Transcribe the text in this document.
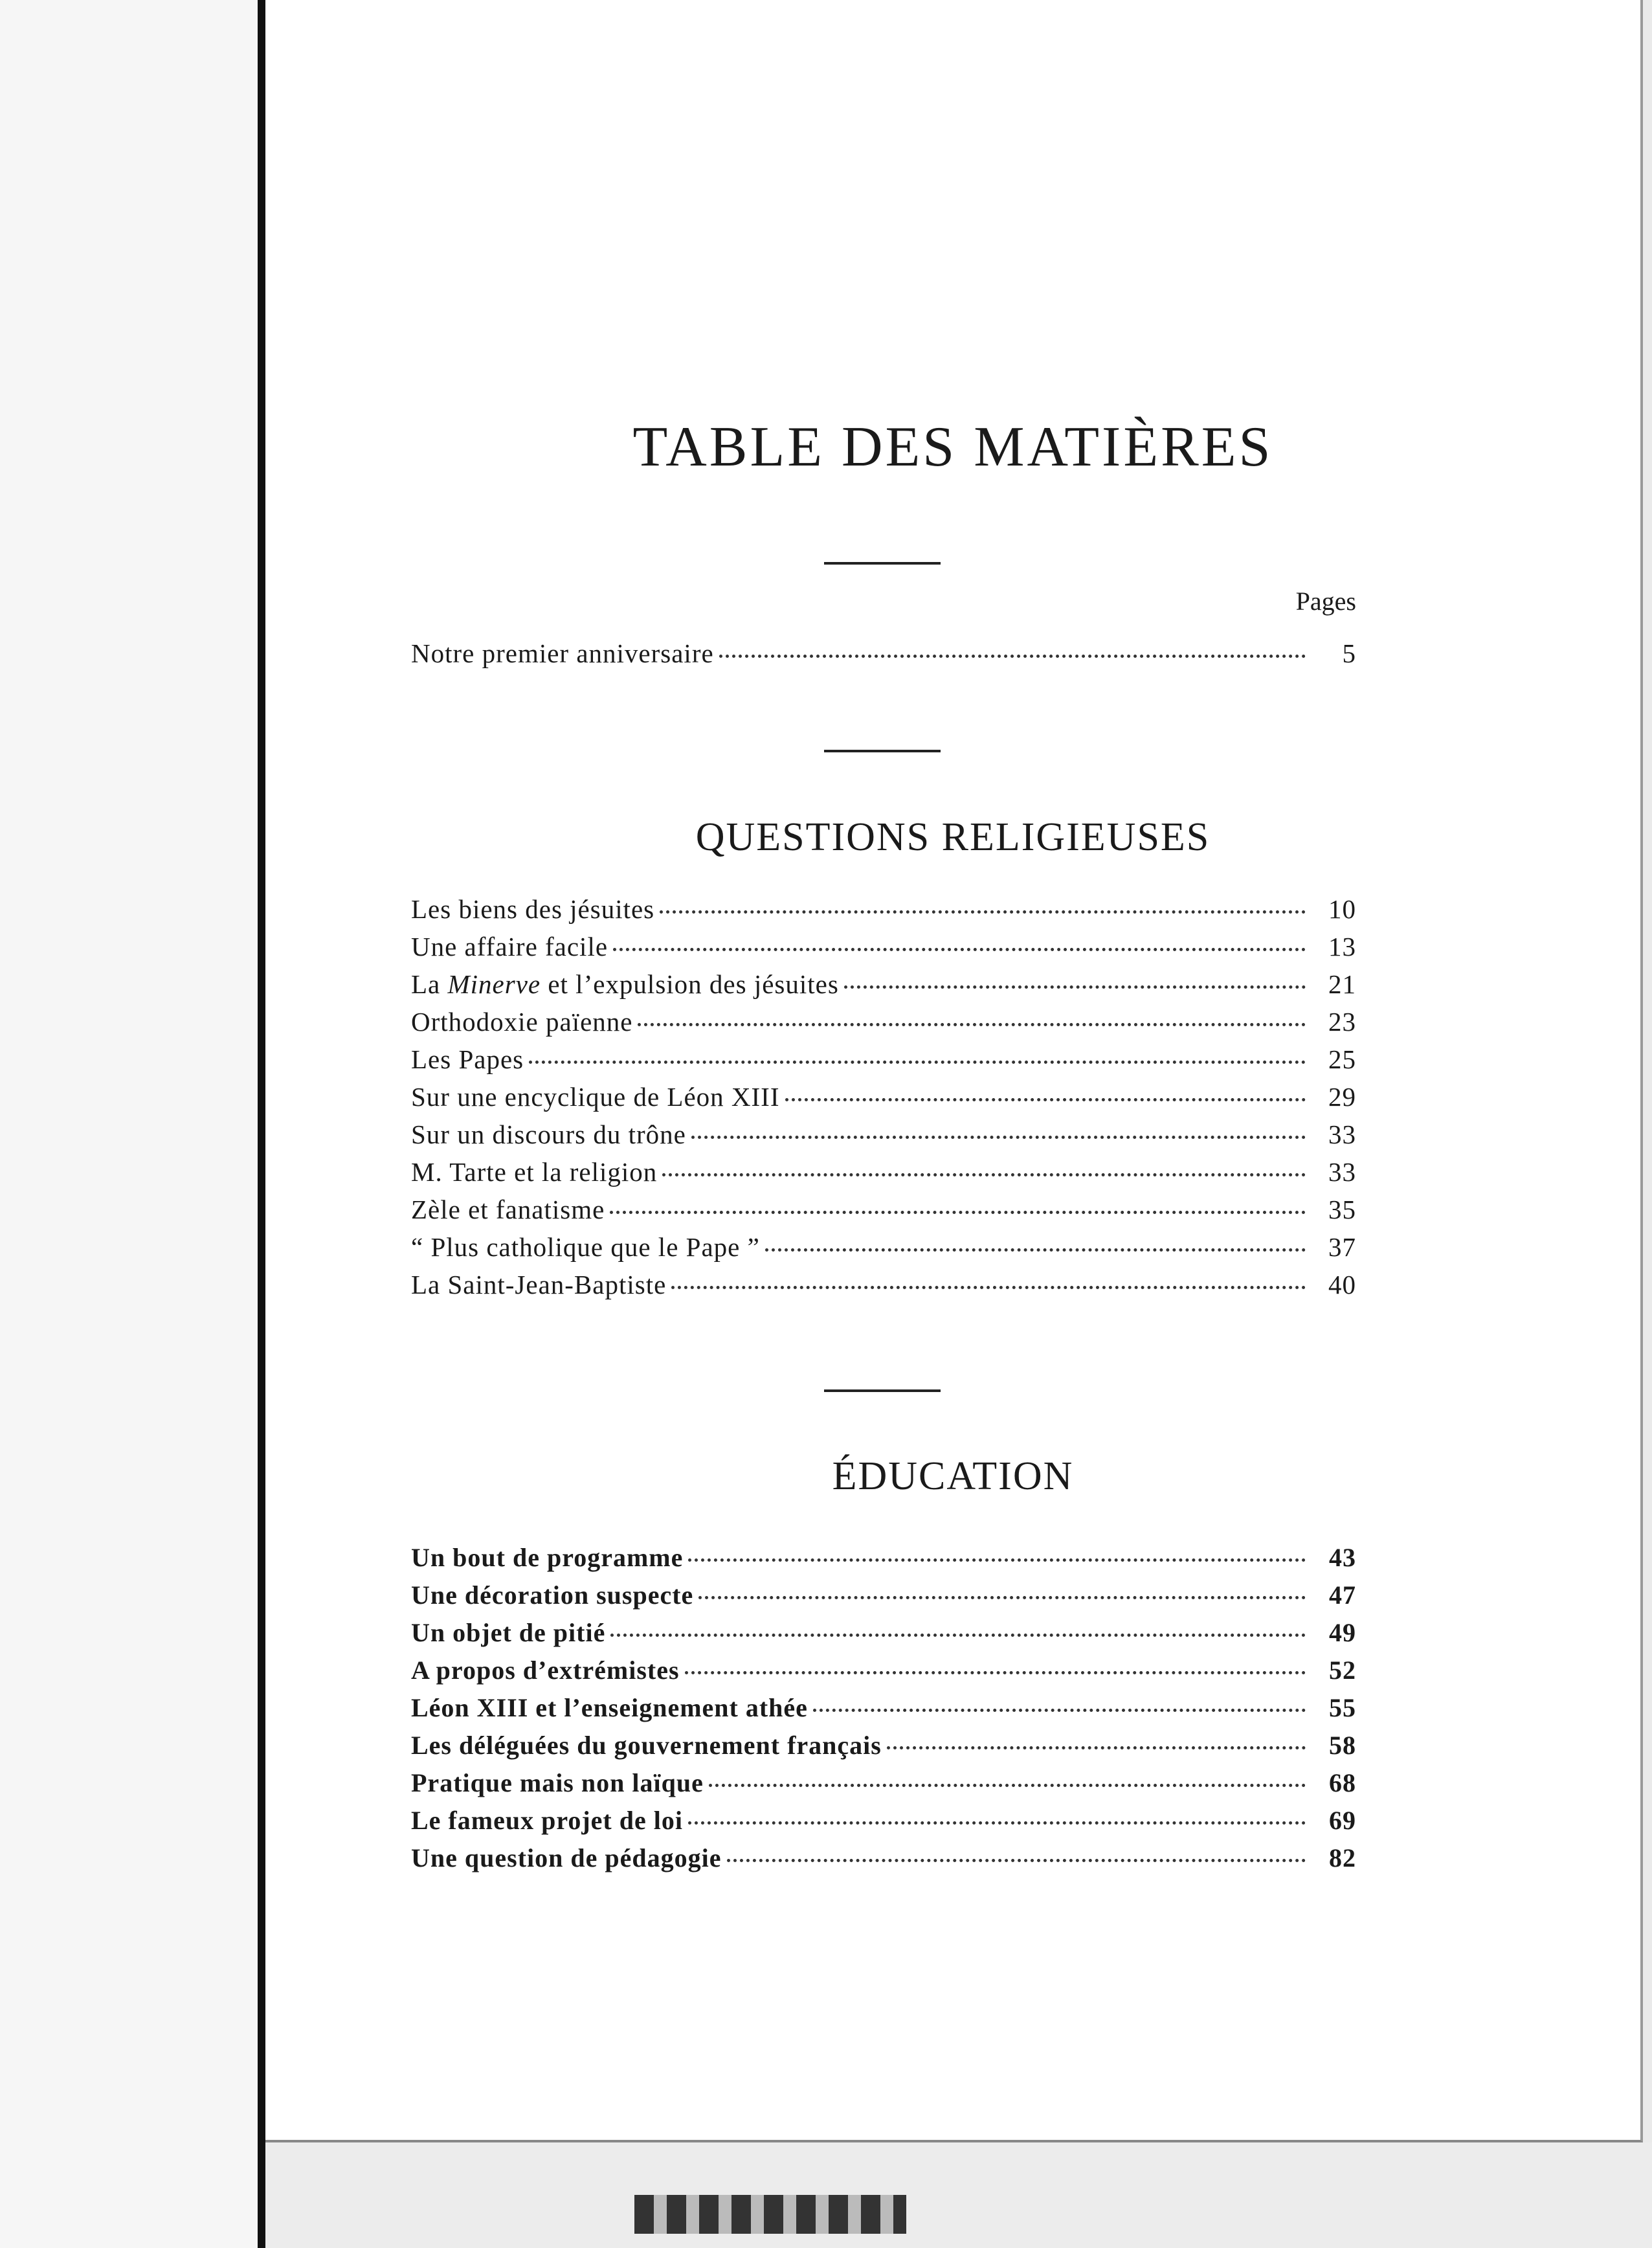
TABLE DES MATIÈRES
Pages
Notre premier anniversaire	5
QUESTIONS RELIGIEUSES
Les biens des jésuites	10
Une affaire facile	13
La Minerve et l’expulsion des jésuites	21
Orthodoxie païenne	23
Les Papes	25
Sur une encyclique de Léon XIII	29
Sur un discours du trône	33
M. Tarte et la religion	33
Zèle et fanatisme	35
“ Plus catholique que le Pape ”	37
La Saint-Jean-Baptiste	40
ÉDUCATION
Un bout de programme	43
Une décoration suspecte	47
Un objet de pitié	49
A propos d’extrémistes	52
Léon XIII et l’enseignement athée	55
Les déléguées du gouvernement français	58
Pratique mais non laïque	68
Le fameux projet de loi	69
Une question de pédagogie	82
